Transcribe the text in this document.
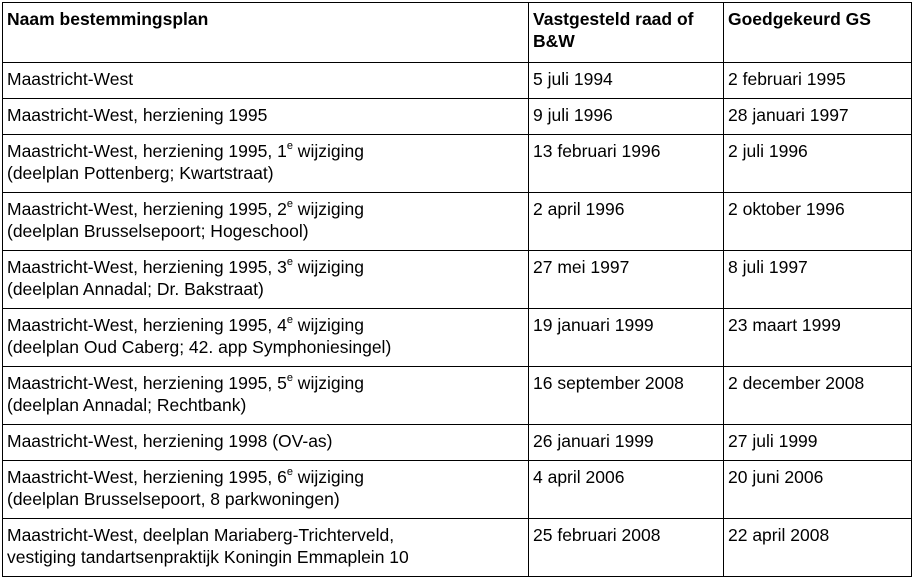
Naam bestemmingsplan	Vastgesteld raad of B&W	Goedgekeurd GS

Maastricht-West	5 juli 1994	2 februari 1995

Maastricht-West, herziening 1995	9 juli 1996	28 januari 1997

Maastricht-West, herziening 1995, 1e wijziging
(deelplan Pottenberg; Kwartstraat)	13 februari 1996	2 juli 1996

Maastricht-West, herziening 1995, 2e wijziging
(deelplan Brusselsepoort; Hogeschool)	2 april 1996	2 oktober 1996

Maastricht-West, herziening 1995, 3e wijziging
(deelplan Annadal; Dr. Bakstraat)	27 mei 1997	8 juli 1997

Maastricht-West, herziening 1995, 4e wijziging
(deelplan Oud Caberg; 42. app Symphoniesingel)	19 januari 1999	23 maart 1999

Maastricht-West, herziening 1995, 5e wijziging
(deelplan Annadal; Rechtbank)	16 september 2008	2 december 2008

Maastricht-West, herziening 1998 (OV-as)	26 januari 1999	27 juli 1999

Maastricht-West, herziening 1995, 6e wijziging
(deelplan Brusselsepoort, 8 parkwoningen)	4 april 2006	20 juni 2006

Maastricht-West, deelplan Mariaberg-Trichterveld,
vestiging tandartsenpraktijk Koningin Emmaplein 10	25 februari 2008	22 april 2008
